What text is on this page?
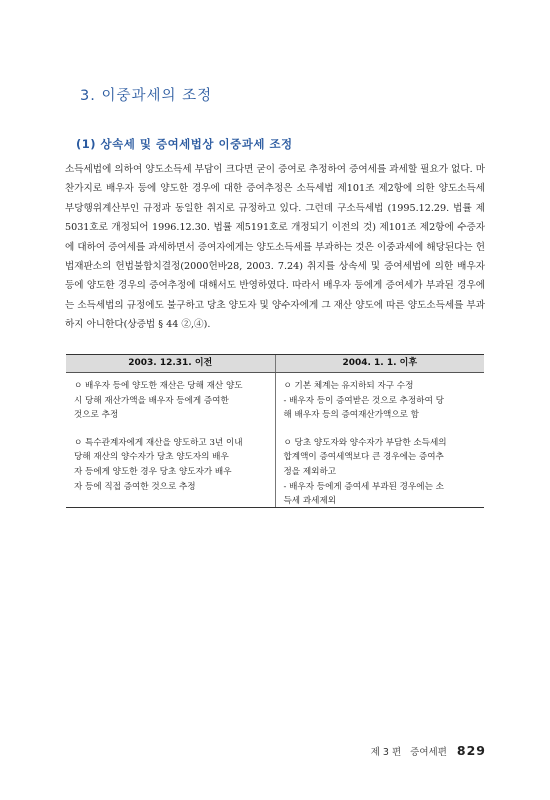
3. 이중과세의 조정
(1) 상속세 및 증여세법상 이중과세 조정

소득세법에 의하여 양도소득세 부담이 크다면 굳이 증여로 추정하여 증여세를 과세할 필요가 없다. 마찬가지로 배우자 등에 양도한 경우에 대한 증여추정은 소득세법 제101조 제2항에 의한 양도소득세 부당행위계산부인 규정과 동일한 취지로 규정하고 있다. 그런데 구소득세법 (1995.12.29. 법률 제5031호로 개정되어 1996.12.30. 법률 제5191호로 개정되기 이전의 것) 제101조 제2항에 수증자에 대하여 증여세를 과세하면서 증여자에게는 양도소득세를 부과하는 것은 이중과세에 해당된다는 헌법재판소의 헌법불합치결정(2000헌바28, 2003. 7.24) 취지를 상속세 및 증여세법에 의한 배우자 등에 양도한 경우의 증여추정에 대해서도 반영하였다. 따라서 배우자 등에게 증여세가 부과된 경우에는 소득세법의 규정에도 불구하고 당초 양도자 및 양수자에게 그 재산 양도에 따른 양도소득세를 부과하지 아니한다(상증법 § 44 ②,④).

2003. 12.31. 이전	2004. 1. 1. 이후
ㅇ 배우자 등에 양도한 재산은 당해 재산 양도
시 당해 재산가액을 배우자 등에게 증여한
것으로 추정
ㅇ 특수관계자에게 재산을 양도하고 3년 이내
당해 재산의 양수자가 당초 양도자의 배우
자 등에게 양도한 경우 당초 양도자가 배우
자 등에 직접 증여한 것으로 추정
ㅇ 기본 체계는 유지하되 자구 수정
- 배우자 등이 증여받은 것으로 추정하여 당
해 배우자 등의 증여재산가액으로 함
ㅇ 당초 양도자와 양수자가 부담한 소득세의
합계액이 증여세액보다 큰 경우에는 증여추
정을 제외하고
- 배우자 등에게 증여세 부과된 경우에는 소
득세 과세제외
제 3 편   증여세편 829
